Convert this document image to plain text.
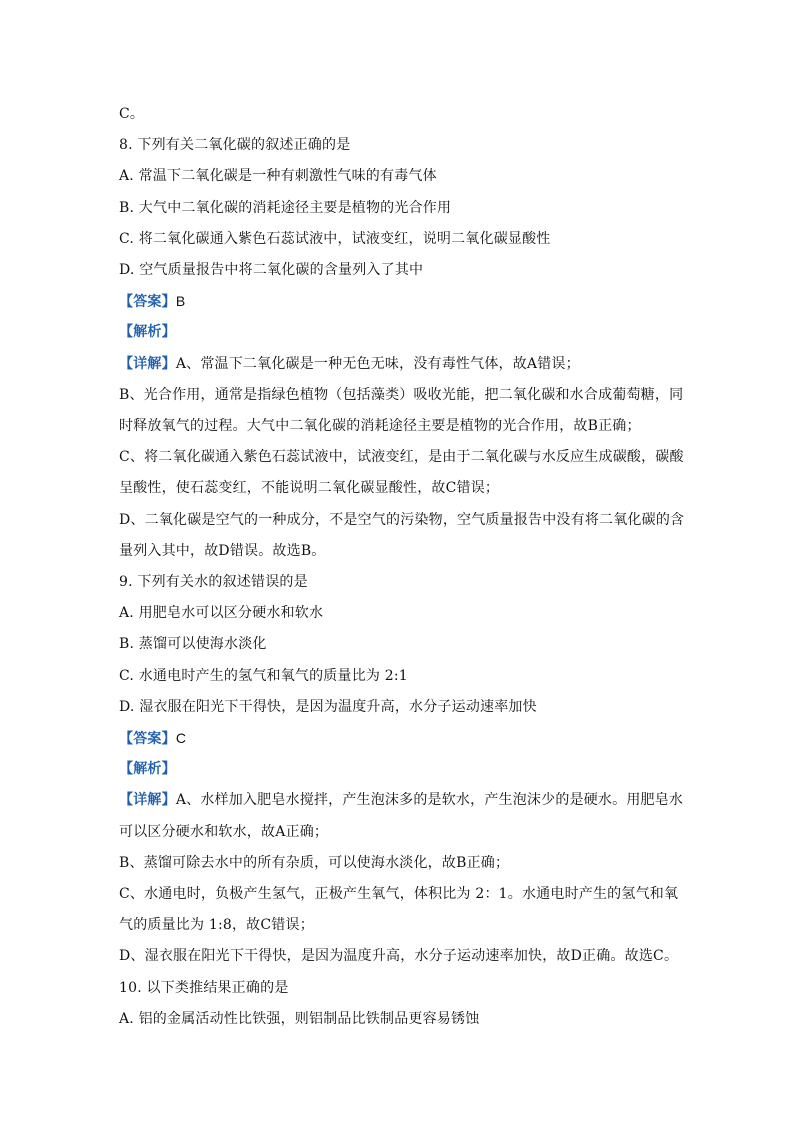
C。
8. 下列有关二氧化碳的叙述正确的是
A. 常温下二氧化碳是一种有刺激性气味的有毒气体
B. 大气中二氧化碳的消耗途径主要是植物的光合作用
C. 将二氧化碳通入紫色石蕊试液中，试液变红，说明二氧化碳显酸性
D. 空气质量报告中将二氧化碳的含量列入了其中
【答案】B
【解析】
【详解】A、常温下二氧化碳是一种无色无味，没有毒性气体，故A错误；
B、光合作用，通常是指绿色植物（包括藻类）吸收光能，把二氧化碳和水合成葡萄糖，同
时释放氧气的过程。大气中二氧化碳的消耗途径主要是植物的光合作用，故B正确；
C、将二氧化碳通入紫色石蕊试液中，试液变红，是由于二氧化碳与水反应生成碳酸，碳酸
呈酸性，使石蕊变红，不能说明二氧化碳显酸性，故C错误；
D、二氧化碳是空气的一种成分，不是空气的污染物，空气质量报告中没有将二氧化碳的含
量列入其中，故D错误。故选B。
9. 下列有关水的叙述错误的是
A. 用肥皂水可以区分硬水和软水
B. 蒸馏可以使海水淡化
C. 水通电时产生的氢气和氧气的质量比为 2:1
D. 湿衣服在阳光下干得快，是因为温度升高，水分子运动速率加快
【答案】C
【解析】
【详解】A、水样加入肥皂水搅拌，产生泡沫多的是软水，产生泡沫少的是硬水。用肥皂水
可以区分硬水和软水，故A正确；
B、蒸馏可除去水中的所有杂质，可以使海水淡化，故B正确；
C、水通电时，负极产生氢气，正极产生氧气，体积比为 2：1。水通电时产生的氢气和氧
气的质量比为 1:8，故C错误；
D、湿衣服在阳光下干得快，是因为温度升高，水分子运动速率加快，故D正确。故选C。
10. 以下类推结果正确的是
A. 铝的金属活动性比铁强，则铝制品比铁制品更容易锈蚀
